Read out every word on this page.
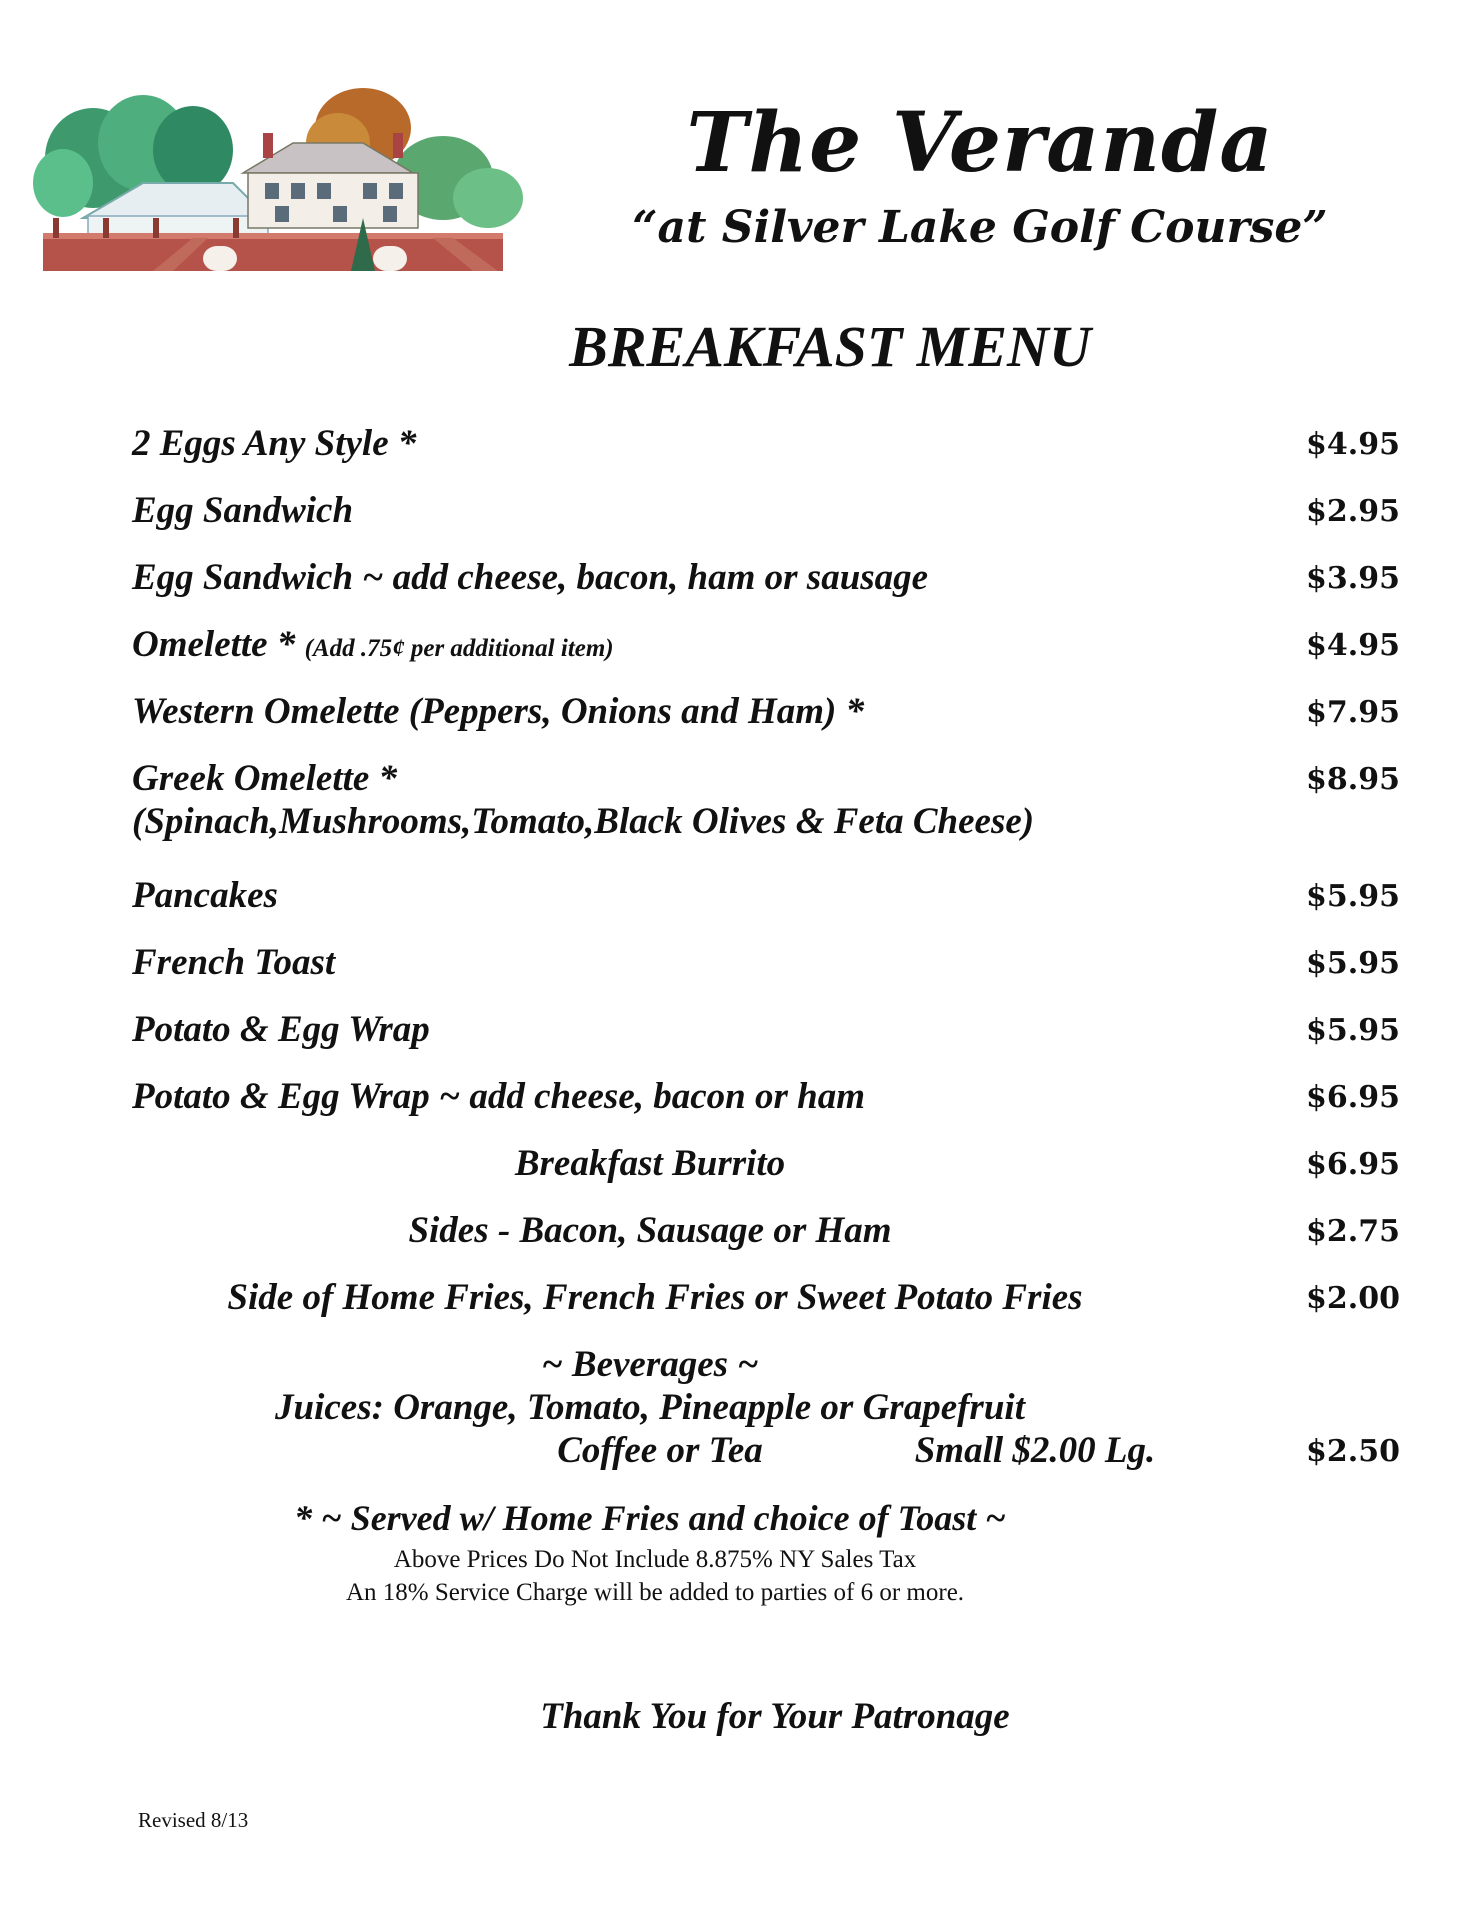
The Veranda
“at Silver Lake Golf Course”
BREAKFAST MENU
2 Eggs Any Style *	$4.95
Egg Sandwich	$2.95
Egg Sandwich ~ add cheese, bacon, ham or sausage	$3.95
Omelette * (Add .75¢ per additional item)	$4.95
Western Omelette (Peppers, Onions and Ham) *	$7.95
Greek Omelette *
(Spinach,Mushrooms,Tomato,Black Olives & Feta Cheese)
$8.95
Pancakes	$5.95
French Toast	$5.95
Potato & Egg Wrap	$5.95
Potato & Egg Wrap ~ add cheese, bacon or ham	$6.95
Breakfast Burrito	$6.95
Sides - Bacon, Sausage or Ham	$2.75
Side of Home Fries, French Fries or Sweet Potato Fries	$2.00
~ Beverages ~
Juices: Orange, Tomato, Pineapple or Grapefruit
Coffee or Tea	Small $2.00 Lg.	$2.50
* ~ Served w/ Home Fries and choice of Toast ~
Above Prices Do Not Include 8.875% NY Sales Tax
An 18% Service Charge will be added to parties of 6 or more.
Thank You for Your Patronage
Revised 8/13
